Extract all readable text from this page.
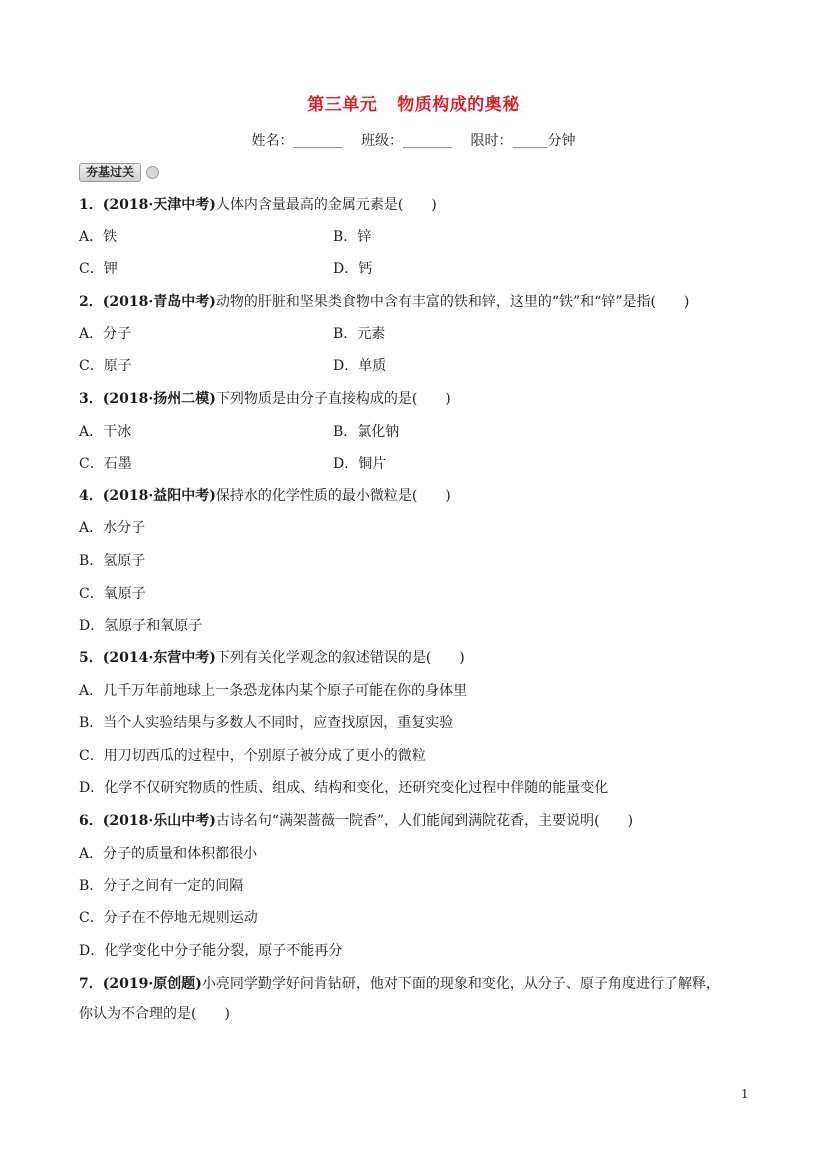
第三单元 物质构成的奥秘
姓名：_______ 班级：_______ 限时：_____分钟
夯基过关
1．(2018·天津中考)人体内含量最高的金属元素是(　　)
A．铁	B．锌
C．钾	D．钙
2．(2018·青岛中考)动物的肝脏和坚果类食物中含有丰富的铁和锌，这里的“铁”和“锌”是指(　　)
A．分子	B．元素
C．原子	D．单质
3．(2018·扬州二模)下列物质是由分子直接构成的是(　　)
A．干冰	B．氯化钠
C．石墨	D．铜片
4．(2018·益阳中考)保持水的化学性质的最小微粒是(　　)
A．水分子
B．氢原子
C．氧原子
D．氢原子和氧原子
5．(2014·东营中考)下列有关化学观念的叙述错误的是(　　)
A．几千万年前地球上一条恐龙体内某个原子可能在你的身体里
B．当个人实验结果与多数人不同时，应查找原因，重复实验
C．用刀切西瓜的过程中，个别原子被分成了更小的微粒
D．化学不仅研究物质的性质、组成、结构和变化，还研究变化过程中伴随的能量变化
6．(2018·乐山中考)古诗名句“满架蔷薇一院香”，人们能闻到满院花香，主要说明(　　)
A．分子的质量和体积都很小
B．分子之间有一定的间隔
C．分子在不停地无规则运动
D．化学变化中分子能分裂，原子不能再分
7．(2019·原创题)小亮同学勤学好问肯钻研，他对下面的现象和变化，从分子、原子角度进行了解释，
你认为不合理的是(　　)
1
